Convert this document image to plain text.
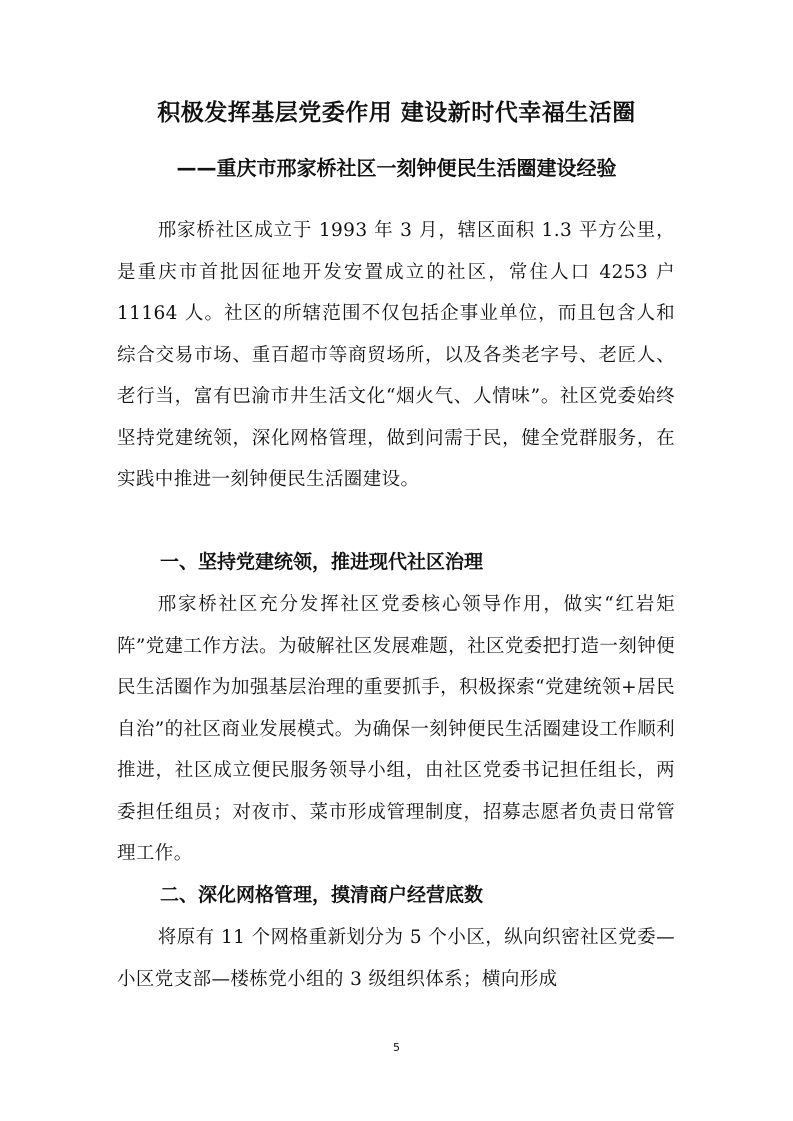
积极发挥基层党委作用 建设新时代幸福生活圈
——重庆市邢家桥社区一刻钟便民生活圈建设经验

邢家桥社区成立于 1993 年 3 月，辖区面积 1.3 平方公里，是重庆市首批因征地开发安置成立的社区，常住人口 4253 户 11164 人。社区的所辖范围不仅包括企事业单位，而且包含人和综合交易市场、重百超市等商贸场所，以及各类老字号、老匠人、老行当，富有巴渝市井生活文化“烟火气、人情味”。社区党委始终坚持党建统领，深化网格管理，做到问需于民，健全党群服务，在实践中推进一刻钟便民生活圈建设。

一、坚持党建统领，推进现代社区治理

邢家桥社区充分发挥社区党委核心领导作用，做实“红岩矩阵”党建工作方法。为破解社区发展难题，社区党委把打造一刻钟便民生活圈作为加强基层治理的重要抓手，积极探索“党建统领+居民自治”的社区商业发展模式。为确保一刻钟便民生活圈建设工作顺利推进，社区成立便民服务领导小组，由社区党委书记担任组长，两委担任组员；对夜市、菜市形成管理制度，招募志愿者负责日常管理工作。

二、深化网格管理，摸清商户经营底数

将原有 11 个网格重新划分为 5 个小区，纵向织密社区党委—小区党支部—楼栋党小组的 3 级组织体系；横向形成

5
